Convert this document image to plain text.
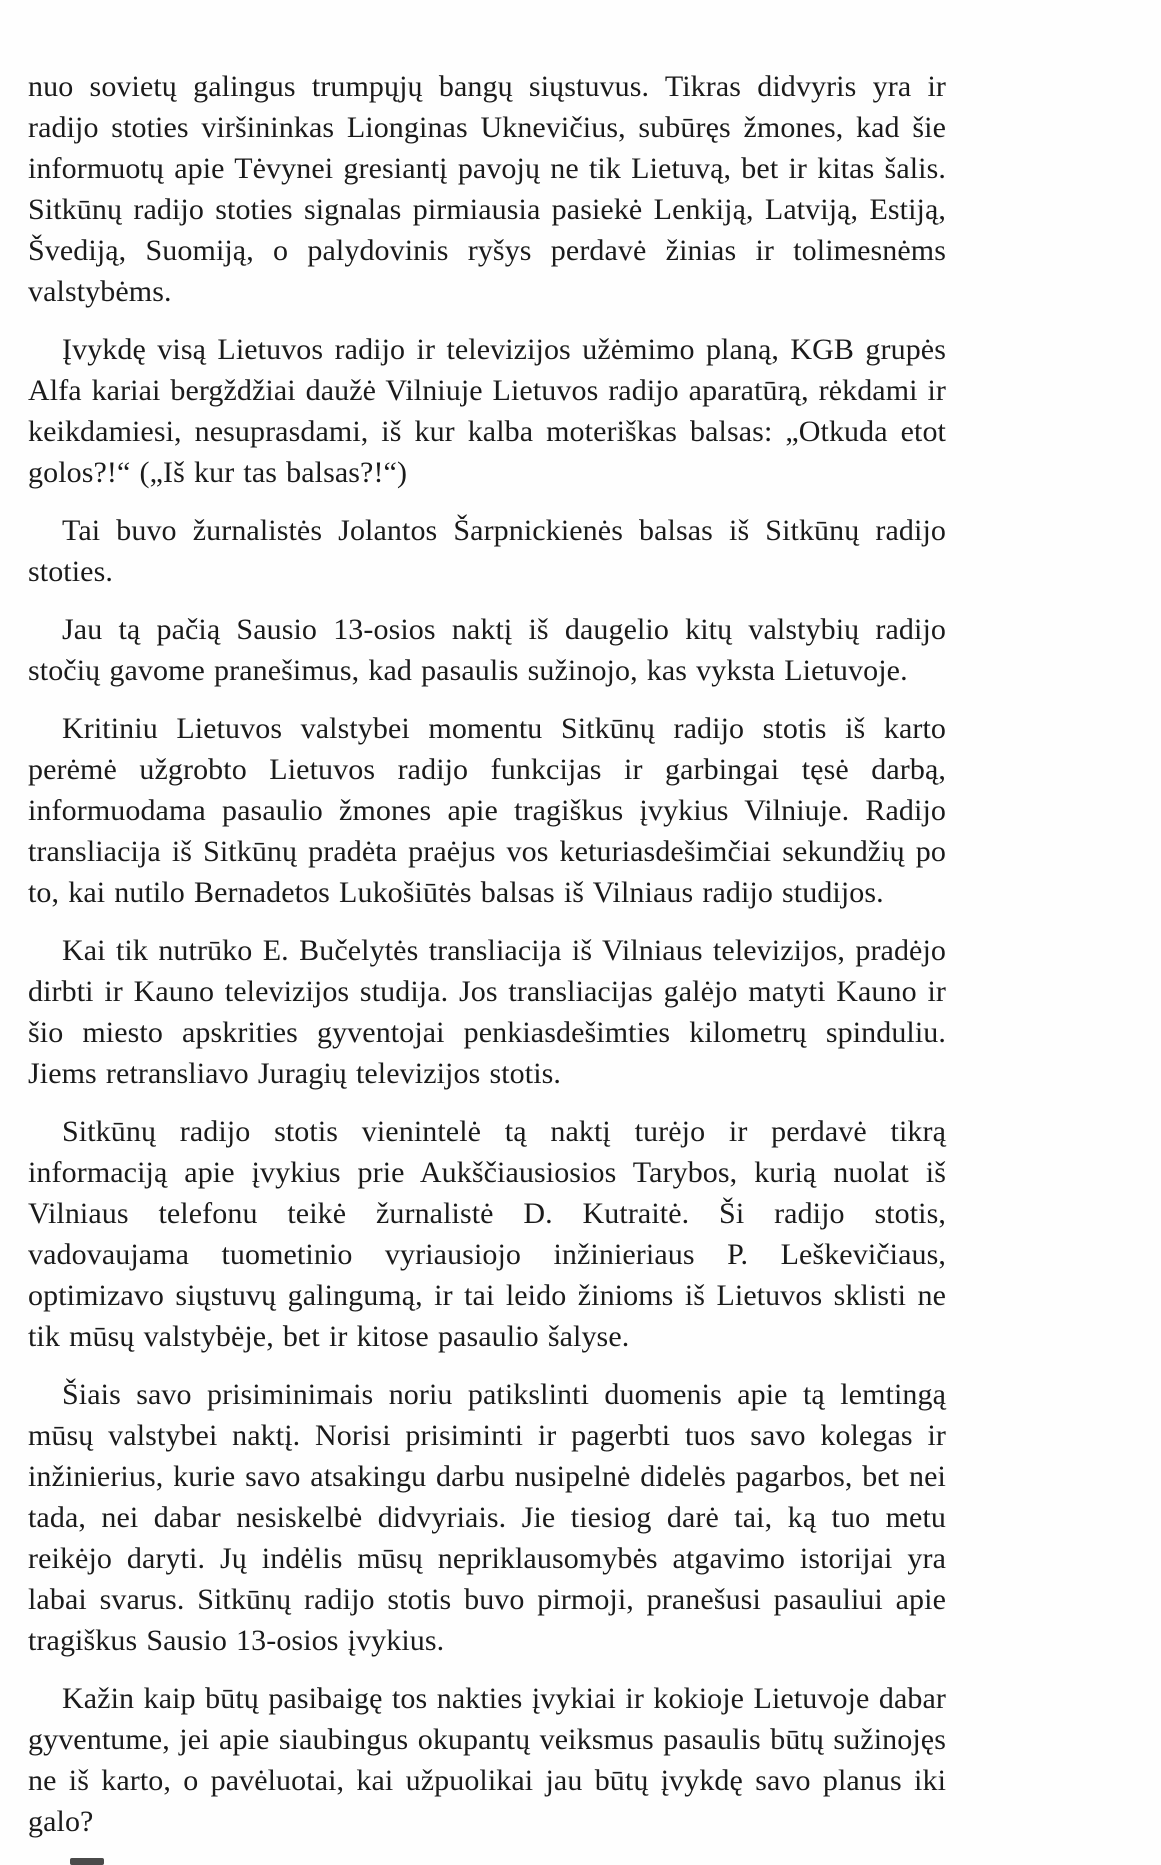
nuo sovietų galingus trumpųjų bangų siųstuvus. Tikras didvyris yra ir radijo stoties viršininkas Lionginas Uknevičius, subūręs žmones, kad šie informuotų apie Tėvynei gresiantį pavojų ne tik Lietuvą, bet ir kitas šalis. Sitkūnų radijo stoties signalas pirmiausia pasiekė Lenkiją, Latviją, Estiją, Švediją, Suomiją, o palydovinis ryšys perdavė žinias ir tolimesnėms valstybėms.

Įvykdę visą Lietuvos radijo ir televizijos užėmimo planą, KGB grupės Alfa kariai bergždžiai daužė Vilniuje Lietuvos radijo aparatūrą, rėkdami ir keikdamiesi, nesuprasdami, iš kur kalba moteriškas balsas: „Otkuda etot golos?!“ („Iš kur tas balsas?!“)

Tai buvo žurnalistės Jolantos Šarpnickienės balsas iš Sitkūnų radijo stoties.

Jau tą pačią Sausio 13-osios naktį iš daugelio kitų valstybių radijo stočių gavome pranešimus, kad pasaulis sužinojo, kas vyksta Lietuvoje.

Kritiniu Lietuvos valstybei momentu Sitkūnų radijo stotis iš karto perėmė užgrobto Lietuvos radijo funkcijas ir garbingai tęsė darbą, informuodama pasaulio žmones apie tragiškus įvykius Vilniuje. Radijo transliacija iš Sitkūnų pradėta praėjus vos keturiasdešimčiai sekundžių po to, kai nutilo Bernadetos Lukošiūtės balsas iš Vilniaus radijo studijos.

Kai tik nutrūko E. Bučelytės transliacija iš Vilniaus televizijos, pradėjo dirbti ir Kauno televizijos studija. Jos transliacijas galėjo matyti Kauno ir šio miesto apskrities gyventojai penkiasdešimties kilometrų spinduliu. Jiems retransliavo Juragių televizijos stotis.

Sitkūnų radijo stotis vienintelė tą naktį turėjo ir perdavė tikrą informaciją apie įvykius prie Aukščiausiosios Tarybos, kurią nuolat iš Vilniaus telefonu teikė žurnalistė D. Kutraitė. Ši radijo stotis, vadovaujama tuometinio vyriausiojo inžinieriaus P. Leškevičiaus, optimizavo siųstuvų galingumą, ir tai leido žinioms iš Lietuvos sklisti ne tik mūsų valstybėje, bet ir kitose pasaulio šalyse.

Šiais savo prisiminimais noriu patikslinti duomenis apie tą lemtingą mūsų valstybei naktį. Norisi prisiminti ir pagerbti tuos savo kolegas ir inžinierius, kurie savo atsakingu darbu nusipelnė didelės pagarbos, bet nei tada, nei dabar nesiskelbė didvyriais. Jie tiesiog darė tai, ką tuo metu reikėjo daryti. Jų indėlis mūsų nepriklausomybės atgavimo istorijai yra labai svarus. Sitkūnų radijo stotis buvo pirmoji, pranešusi pasauliui apie tragiškus Sausio 13-osios įvykius.

Kažin kaip būtų pasibaigę tos nakties įvykiai ir kokioje Lietuvoje dabar gyventume, jei apie siaubingus okupantų veiksmus pasaulis būtų sužinojęs ne iš karto, o pavėluotai, kai užpuolikai jau būtų įvykdę savo planus iki galo?
